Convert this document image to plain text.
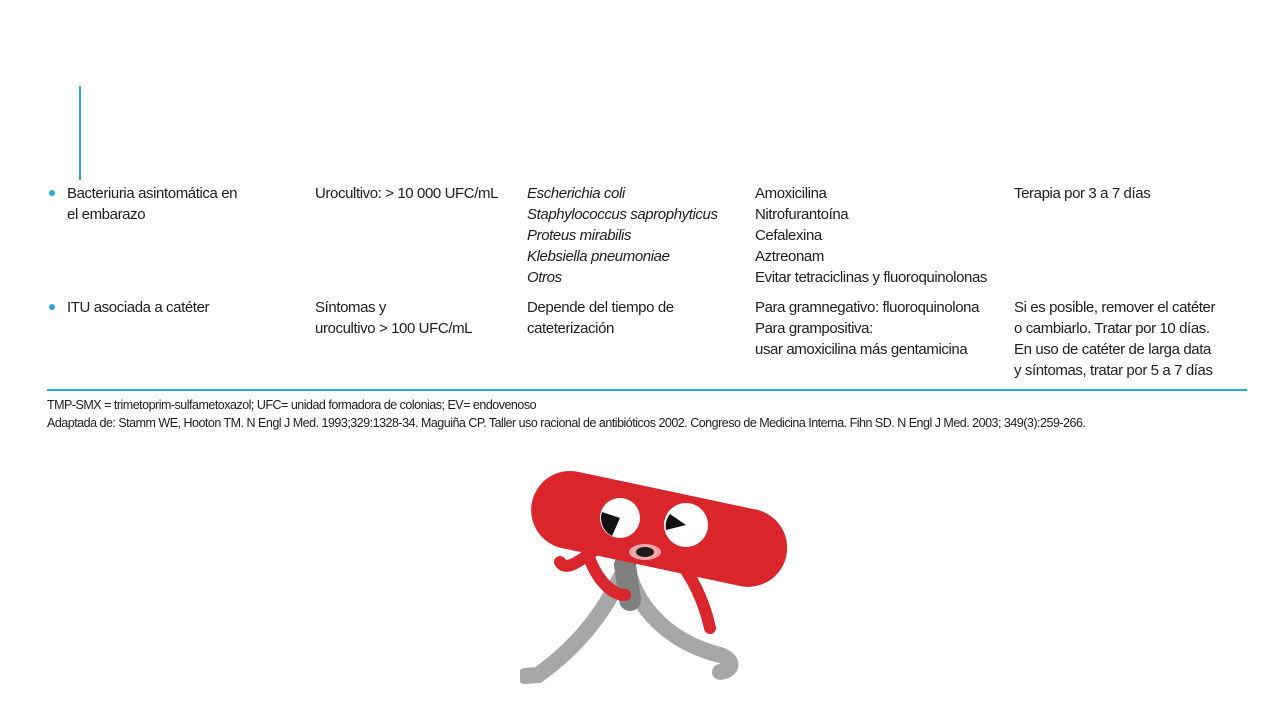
Bacteriuria asintomática en
el embarazo
Urocultivo: > 10 000 UFC/mL Escherichia coli
Staphylococcus saprophyticus
Proteus mirabilis
Klebsiella pneumoniae
Otros
Amoxicilina
Nitrofurantoína
Cefalexina
Aztreonam
Evitar tetraciclinas y fluoroquinolonas
Terapia por 3 a 7 días
ITU asociada a catéter	Síntomas y
urocultivo > 100 UFC/mL
Depende del tiempo de
cateterización
Para gramnegativo: fluoroquinolona
Para grampositiva:
usar amoxicilina más gentamicina
Si es posible, remover el catéter
o cambiarlo. Tratar por 10 días.
En uso de catéter de larga data
y síntomas, tratar por 5 a 7 días
TMP-SMX = trimetoprim-sulfametoxazol; UFC= unidad formadora de colonias; EV= endovenoso
Adaptada de: Stamm WE, Hooton TM. N Engl J Med. 1993;329:1328-34. Maguiña CP. Taller uso racional de antibióticos 2002. Congreso de Medicina Interna. Fihn SD. N Engl J Med. 2003; 349(3):259-266.
